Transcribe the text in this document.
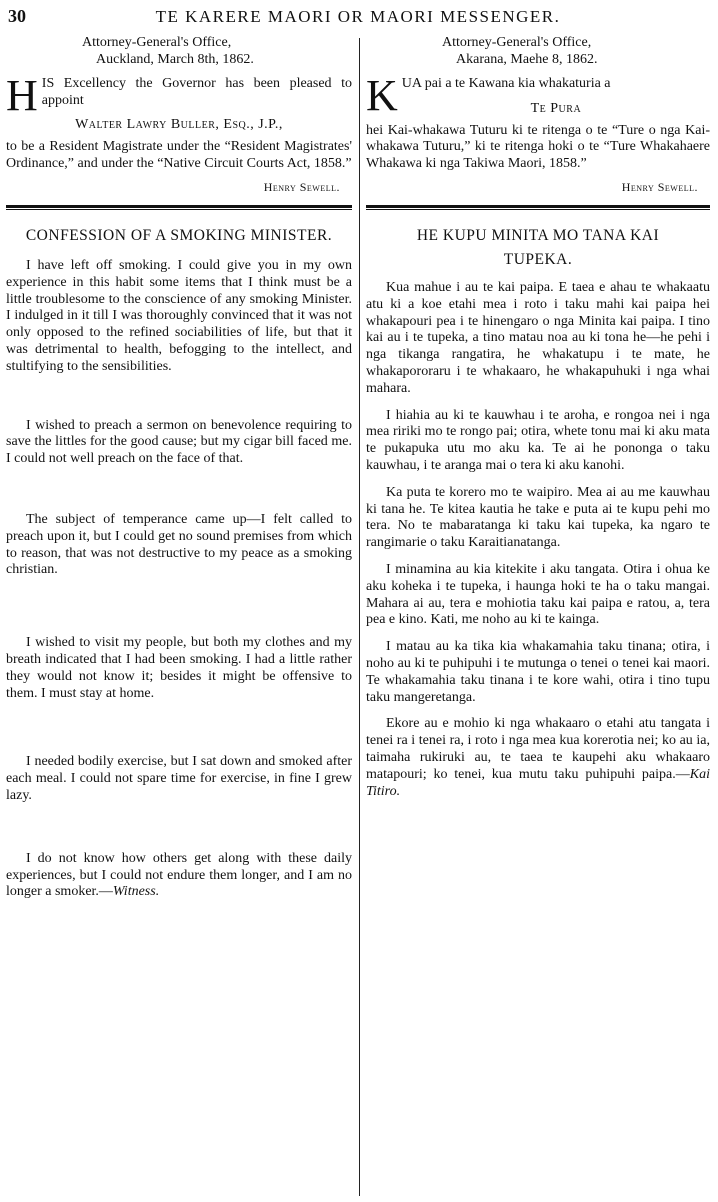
30	TE KARERE MAORI OR MAORI MESSENGER.
Attorney-General's Office,
Auckland, March 8th, 1862.
H IS Excellency the Governor has been pleased to appoint
Walter Lawry Buller, Esq., J.P.,
to be a Resident Magistrate under the “Resident Magistrates' Ordinance,” and under the “Native Circuit Courts Act, 1858.”
Henry Sewell.
CONFESSION OF A SMOKING MINISTER.

I have left off smoking. I could give you in my own experience in this habit some items that I think must be a little troublesome to the conscience of any smoking Minister. I indulged in it till I was thoroughly convinced that it was not only opposed to the refined sociabilities of life, but that it was detrimental to health, befogging to the intellect, and stultifying to the sensibilities.

I wished to preach a sermon on benevolence requiring to save the littles for the good cause; but my cigar bill faced me. I could not well preach on the face of that.

The subject of temperance came up—I felt called to preach upon it, but I could get no sound premises from which to reason, that was not destructive to my peace as a smoking christian.

I wished to visit my people, but both my clothes and my breath indicated that I had been smoking. I had a little rather they would not know it; besides it might be offensive to them. I must stay at home.

I needed bodily exercise, but I sat down and smoked after each meal. I could not spare time for exercise, in fine I grew lazy.

I do not know how others get along with these daily experiences, but I could not endure them longer, and I am no longer a smoker.—Witness.

Attorney-General's Office,
Akarana, Maehe 8, 1862.
K UA pai a te Kawana kia whakaturia a
Te Pura
hei Kai-whakawa Tuturu ki te ritenga o te “Ture o nga Kai-whakawa Tuturu,” ki te ritenga hoki o te “Ture Whakahaere Whakawa ki nga Takiwa Maori, 1858.”
Henry Sewell.
HE KUPU MINITA MO TANA KAI
TUPEKA.

Kua mahue i au te kai paipa. E taea e ahau te whakaatu atu ki a koe etahi mea i roto i taku mahi kai paipa hei whakapouri pea i te hinengaro o nga Minita kai paipa. I tino kai au i te tupeka, a tino matau noa au ki tona he—he pehi i nga tikanga rangatira, he whakatupu i te mate, he whakapororaru i te whakaaro, he whakapuhuki i nga whai mahara.

I hiahia au ki te kauwhau i te aroha, e rongoa nei i nga mea ririki mo te rongo pai; otira, whete tonu mai ki aku mata te pukapuka utu mo aku ka. Te ai he pononga o taku kauwhau, i te aranga mai o tera ki aku kanohi.

Ka puta te korero mo te waipiro. Mea ai au me kauwhau ki tana he. Te kitea kautia he take e puta ai te kupu pehi mo tera. No te mabaratanga ki taku kai tupeka, ka ngaro te rangimarie o taku Karaitianatanga.

I minamina au kia kitekite i aku tangata. Otira i ohua ke aku koheka i te tupeka, i haunga hoki te ha o taku mangai. Mahara ai au, tera e mohiotia taku kai paipa e ratou, a, tera pea e kino. Kati, me noho au ki te kainga.

I matau au ka tika kia whakamahia taku tinana; otira, i noho au ki te puhipuhi i te mutunga o tenei o tenei kai maori. Te whakamahia taku tinana i te kore wahi, otira i tino tupu taku mangeretanga.

Ekore au e mohio ki nga whakaaro o etahi atu tangata i tenei ra i tenei ra, i roto i nga mea kua korerotia nei; ko au ia, taimaha rukiruki au, te taea te kaupehi aku whakaaro matapouri; ko tenei, kua mutu taku puhipuhi paipa.—Kai Titiro.
